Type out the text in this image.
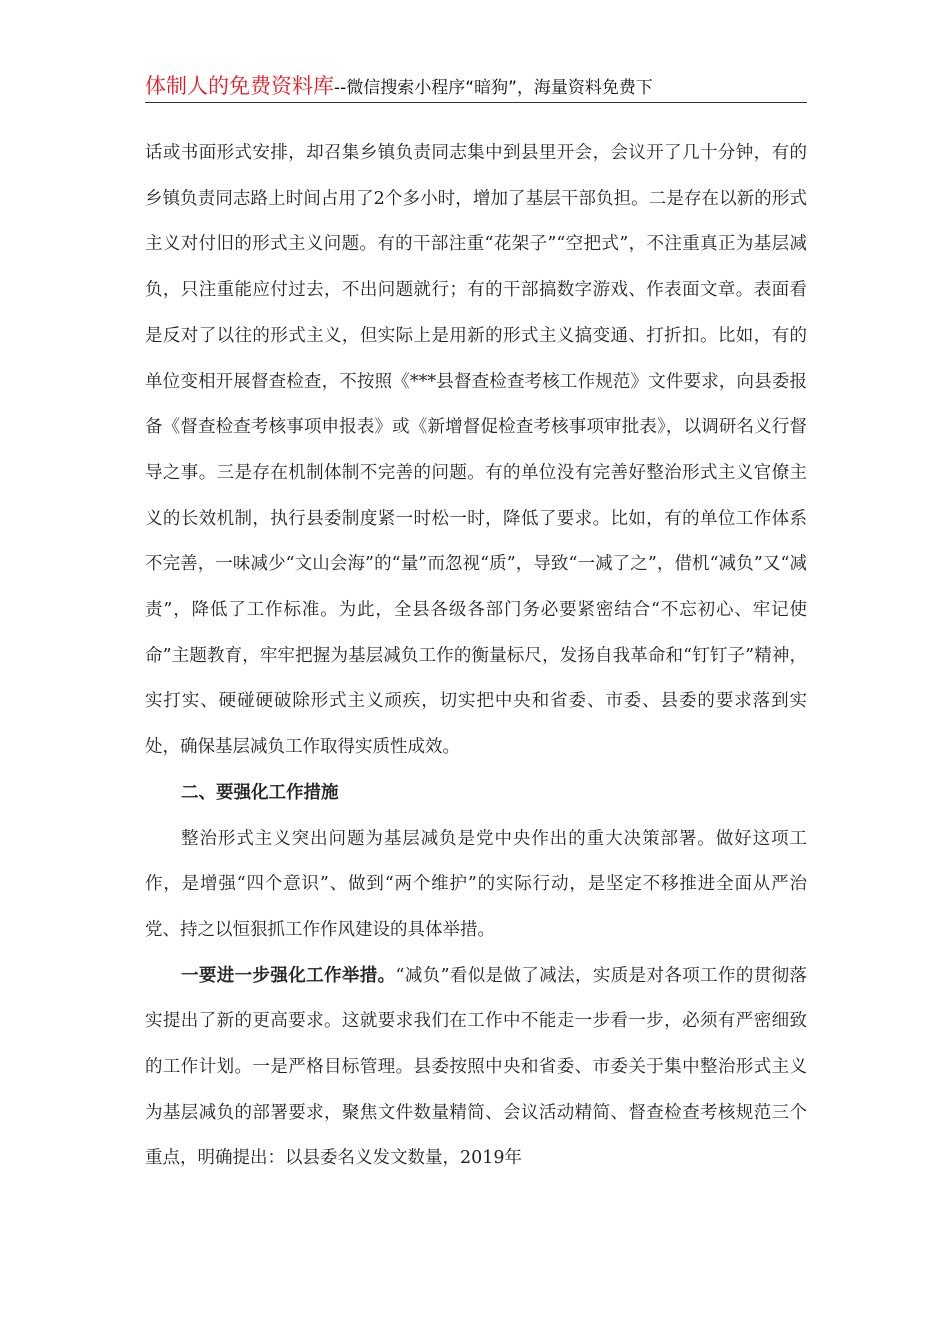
体制人的免费资料库--微信搜索小程序“暗狗”，海量资料免费下

话或书面形式安排，却召集乡镇负责同志集中到县里开会，会议开了几十分钟，有的乡镇负责同志路上时间占用了2个多小时，增加了基层干部负担。二是存在以新的形式主义对付旧的形式主义问题。有的干部注重“花架子”“空把式”，不注重真正为基层减负，只注重能应付过去，不出问题就行；有的干部搞数字游戏、作表面文章。表面看是反对了以往的形式主义，但实际上是用新的形式主义搞变通、打折扣。比如，有的单位变相开展督查检查，不按照《***县督查检查考核工作规范》文件要求，向县委报备《督查检查考核事项申报表》或《新增督促检查考核事项审批表》，以调研名义行督导之事。三是存在机制体制不完善的问题。有的单位没有完善好整治形式主义官僚主义的长效机制，执行县委制度紧一时松一时，降低了要求。比如，有的单位工作体系不完善，一味减少“文山会海”的“量”而忽视“质”，导致“一减了之”，借机“减负”又“减责”，降低了工作标准。为此，全县各级各部门务必要紧密结合“不忘初心、牢记使命”主题教育，牢牢把握为基层减负工作的衡量标尺，发扬自我革命和“钉钉子”精神，实打实、硬碰硬破除形式主义顽疾，切实把中央和省委、市委、县委的要求落到实处，确保基层减负工作取得实质性成效。

二、要强化工作措施

整治形式主义突出问题为基层减负是党中央作出的重大决策部署。做好这项工作，是增强“四个意识”、做到“两个维护”的实际行动，是坚定不移推进全面从严治党、持之以恒狠抓工作作风建设的具体举措。

一要进一步强化工作举措。“减负”看似是做了减法，实质是对各项工作的贯彻落实提出了新的更高要求。这就要求我们在工作中不能走一步看一步，必须有严密细致的工作计划。一是严格目标管理。县委按照中央和省委、市委关于集中整治形式主义为基层减负的部署要求，聚焦文件数量精简、会议活动精简、督查检查考核规范三个重点，明确提出：以县委名义发文数量，2019年
